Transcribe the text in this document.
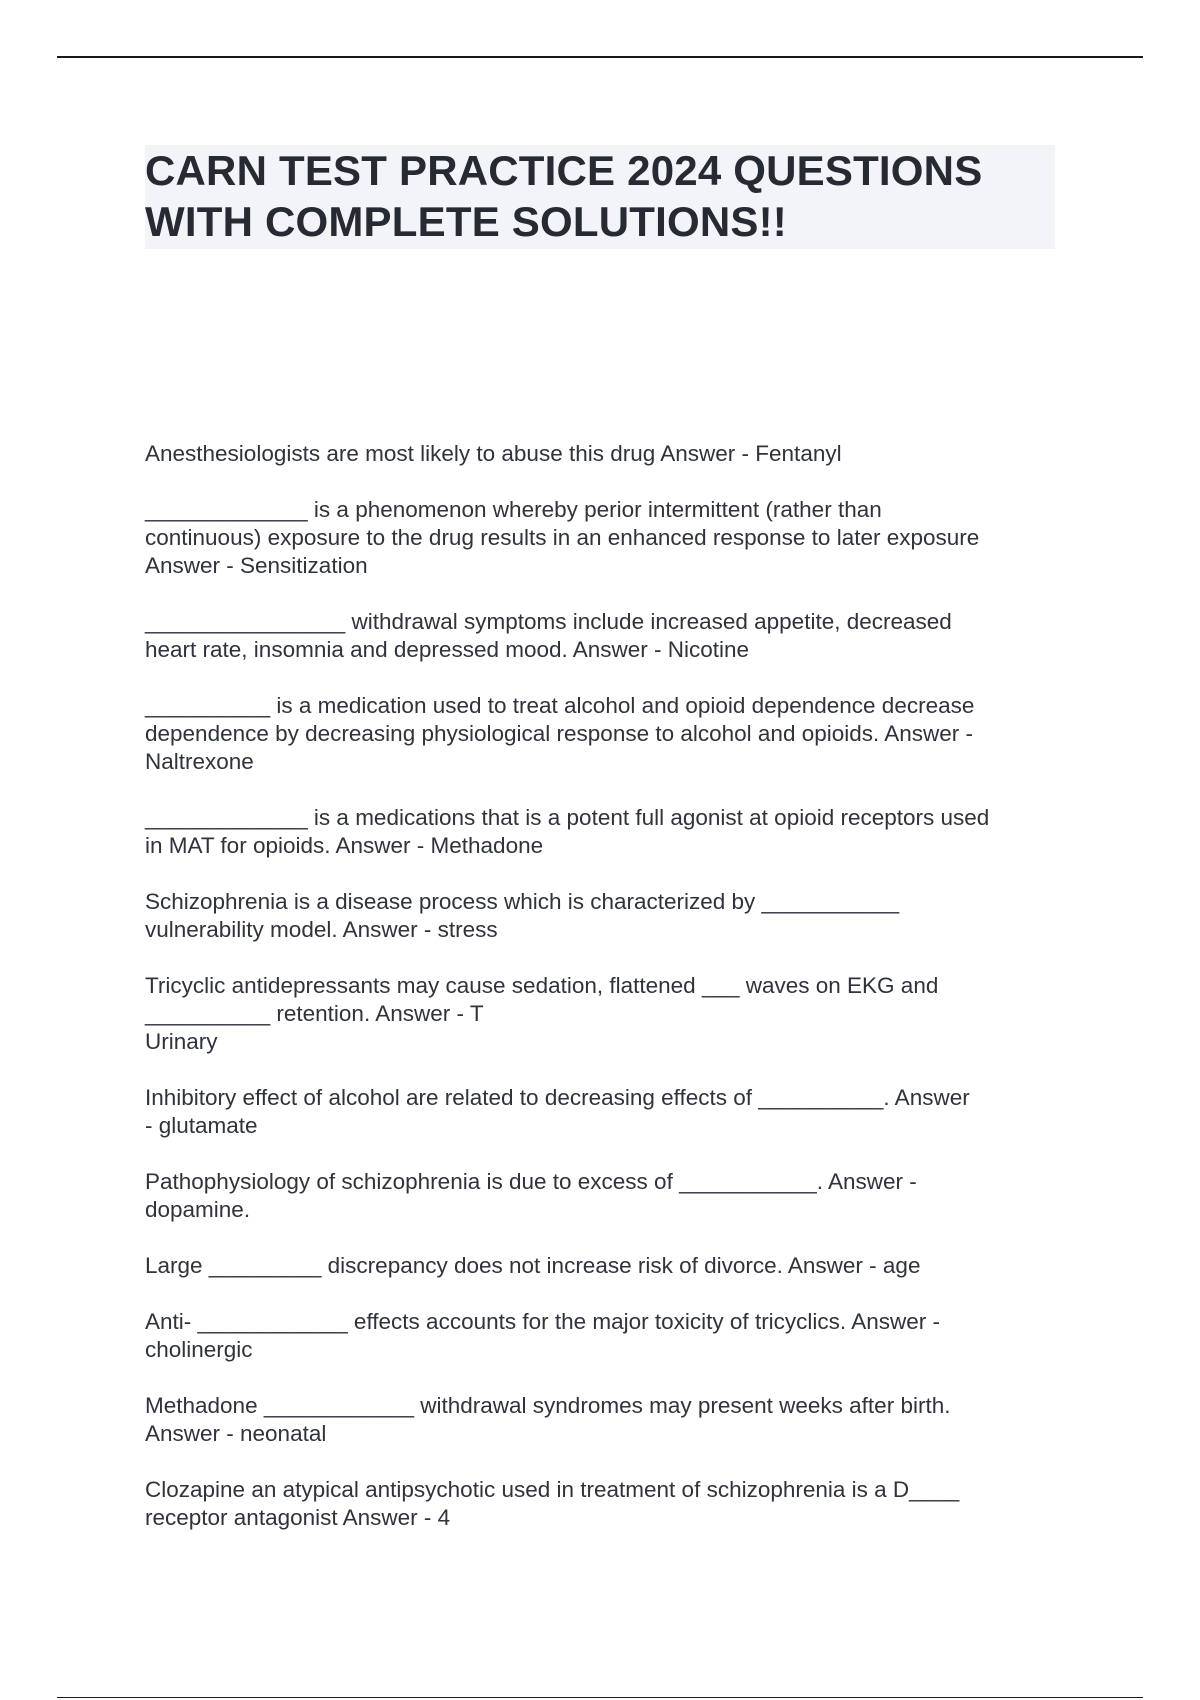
CARN TEST PRACTICE 2024 QUESTIONS
WITH COMPLETE SOLUTIONS!!
Anesthesiologists are most likely to abuse this drug Answer - Fentanyl
_____________ is a phenomenon whereby perior intermittent (rather than
continuous) exposure to the drug results in an enhanced response to later exposure
Answer - Sensitization
________________ withdrawal symptoms include increased appetite, decreased
heart rate, insomnia and depressed mood. Answer - Nicotine
__________ is a medication used to treat alcohol and opioid dependence decrease
dependence by decreasing physiological response to alcohol and opioids. Answer -
Naltrexone
_____________ is a medications that is a potent full agonist at opioid receptors used
in MAT for opioids. Answer - Methadone
Schizophrenia is a disease process which is characterized by ___________
vulnerability model. Answer - stress
Tricyclic antidepressants may cause sedation, flattened ___ waves on EKG and
__________ retention. Answer - T
Urinary
Inhibitory effect of alcohol are related to decreasing effects of __________. Answer
- glutamate
Pathophysiology of schizophrenia is due to excess of ___________. Answer -
dopamine.
Large _________ discrepancy does not increase risk of divorce. Answer - age
Anti- ____________ effects accounts for the major toxicity of tricyclics. Answer -
cholinergic
Methadone ____________ withdrawal syndromes may present weeks after birth.
Answer - neonatal
Clozapine an atypical antipsychotic used in treatment of schizophrenia is a D____
receptor antagonist Answer - 4
